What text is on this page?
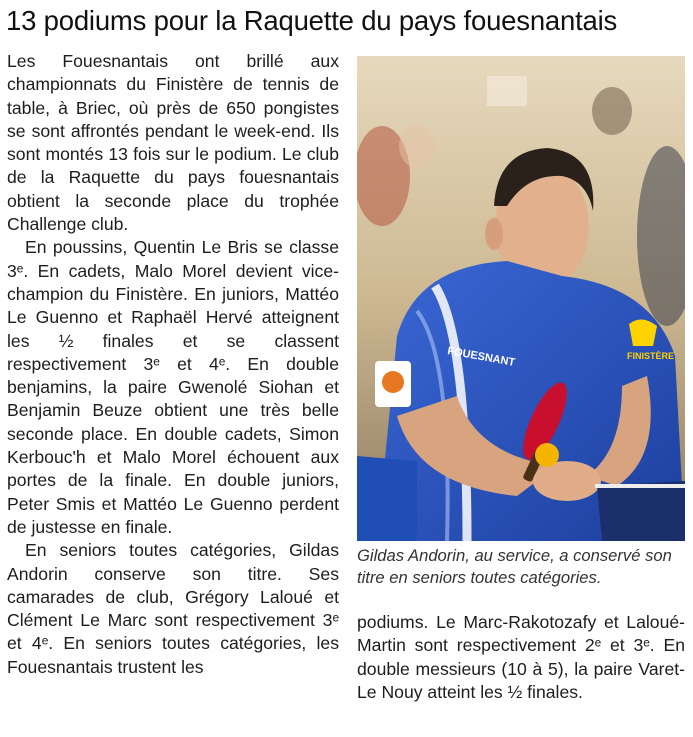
13 podiums pour la Raquette du pays fouesnantais

Les Fouesnantais ont brillé aux championnats du Finistère de tennis de table, à Briec, où près de 650 pongistes se sont affrontés pendant le week-end. Ils sont montés 13 fois sur le podium. Le club de la Raquette du pays fouesnantais obtient la seconde place du trophée Challenge club.

En poussins, Quentin Le Bris se classe 3ᵉ. En cadets, Malo Morel devient vice-champion du Finistère. En juniors, Mattéo Le Guenno et Raphaël Hervé atteignent les ½ finales et se classent respectivement 3ᵉ et 4ᵉ. En double benjamins, la paire Gwenolé Siohan et Benjamin Beuze obtient une très belle seconde place. En double cadets, Simon Kerbouc'h et Malo Morel échouent aux portes de la finale. En double juniors, Peter Smis et Mattéo Le Guenno perdent de justesse en finale.

En seniors toutes catégories, Gildas Andorin conserve son titre. Ses camarades de club, Grégory Laloué et Clément Le Marc sont respectivement 3ᵉ et 4ᵉ. En seniors toutes catégories, les Fouesnantais trustent les

FOUESNANT	FINISTÈRE
Gildas Andorin, au service, a conservé son titre en seniors toutes catégories.

podiums. Le Marc-Rakotozafy et Laloué-Martin sont respectivement 2ᵉ et 3ᵉ. En double messieurs (10 à 5), la paire Varet-Le Nouy atteint les ½ finales.
